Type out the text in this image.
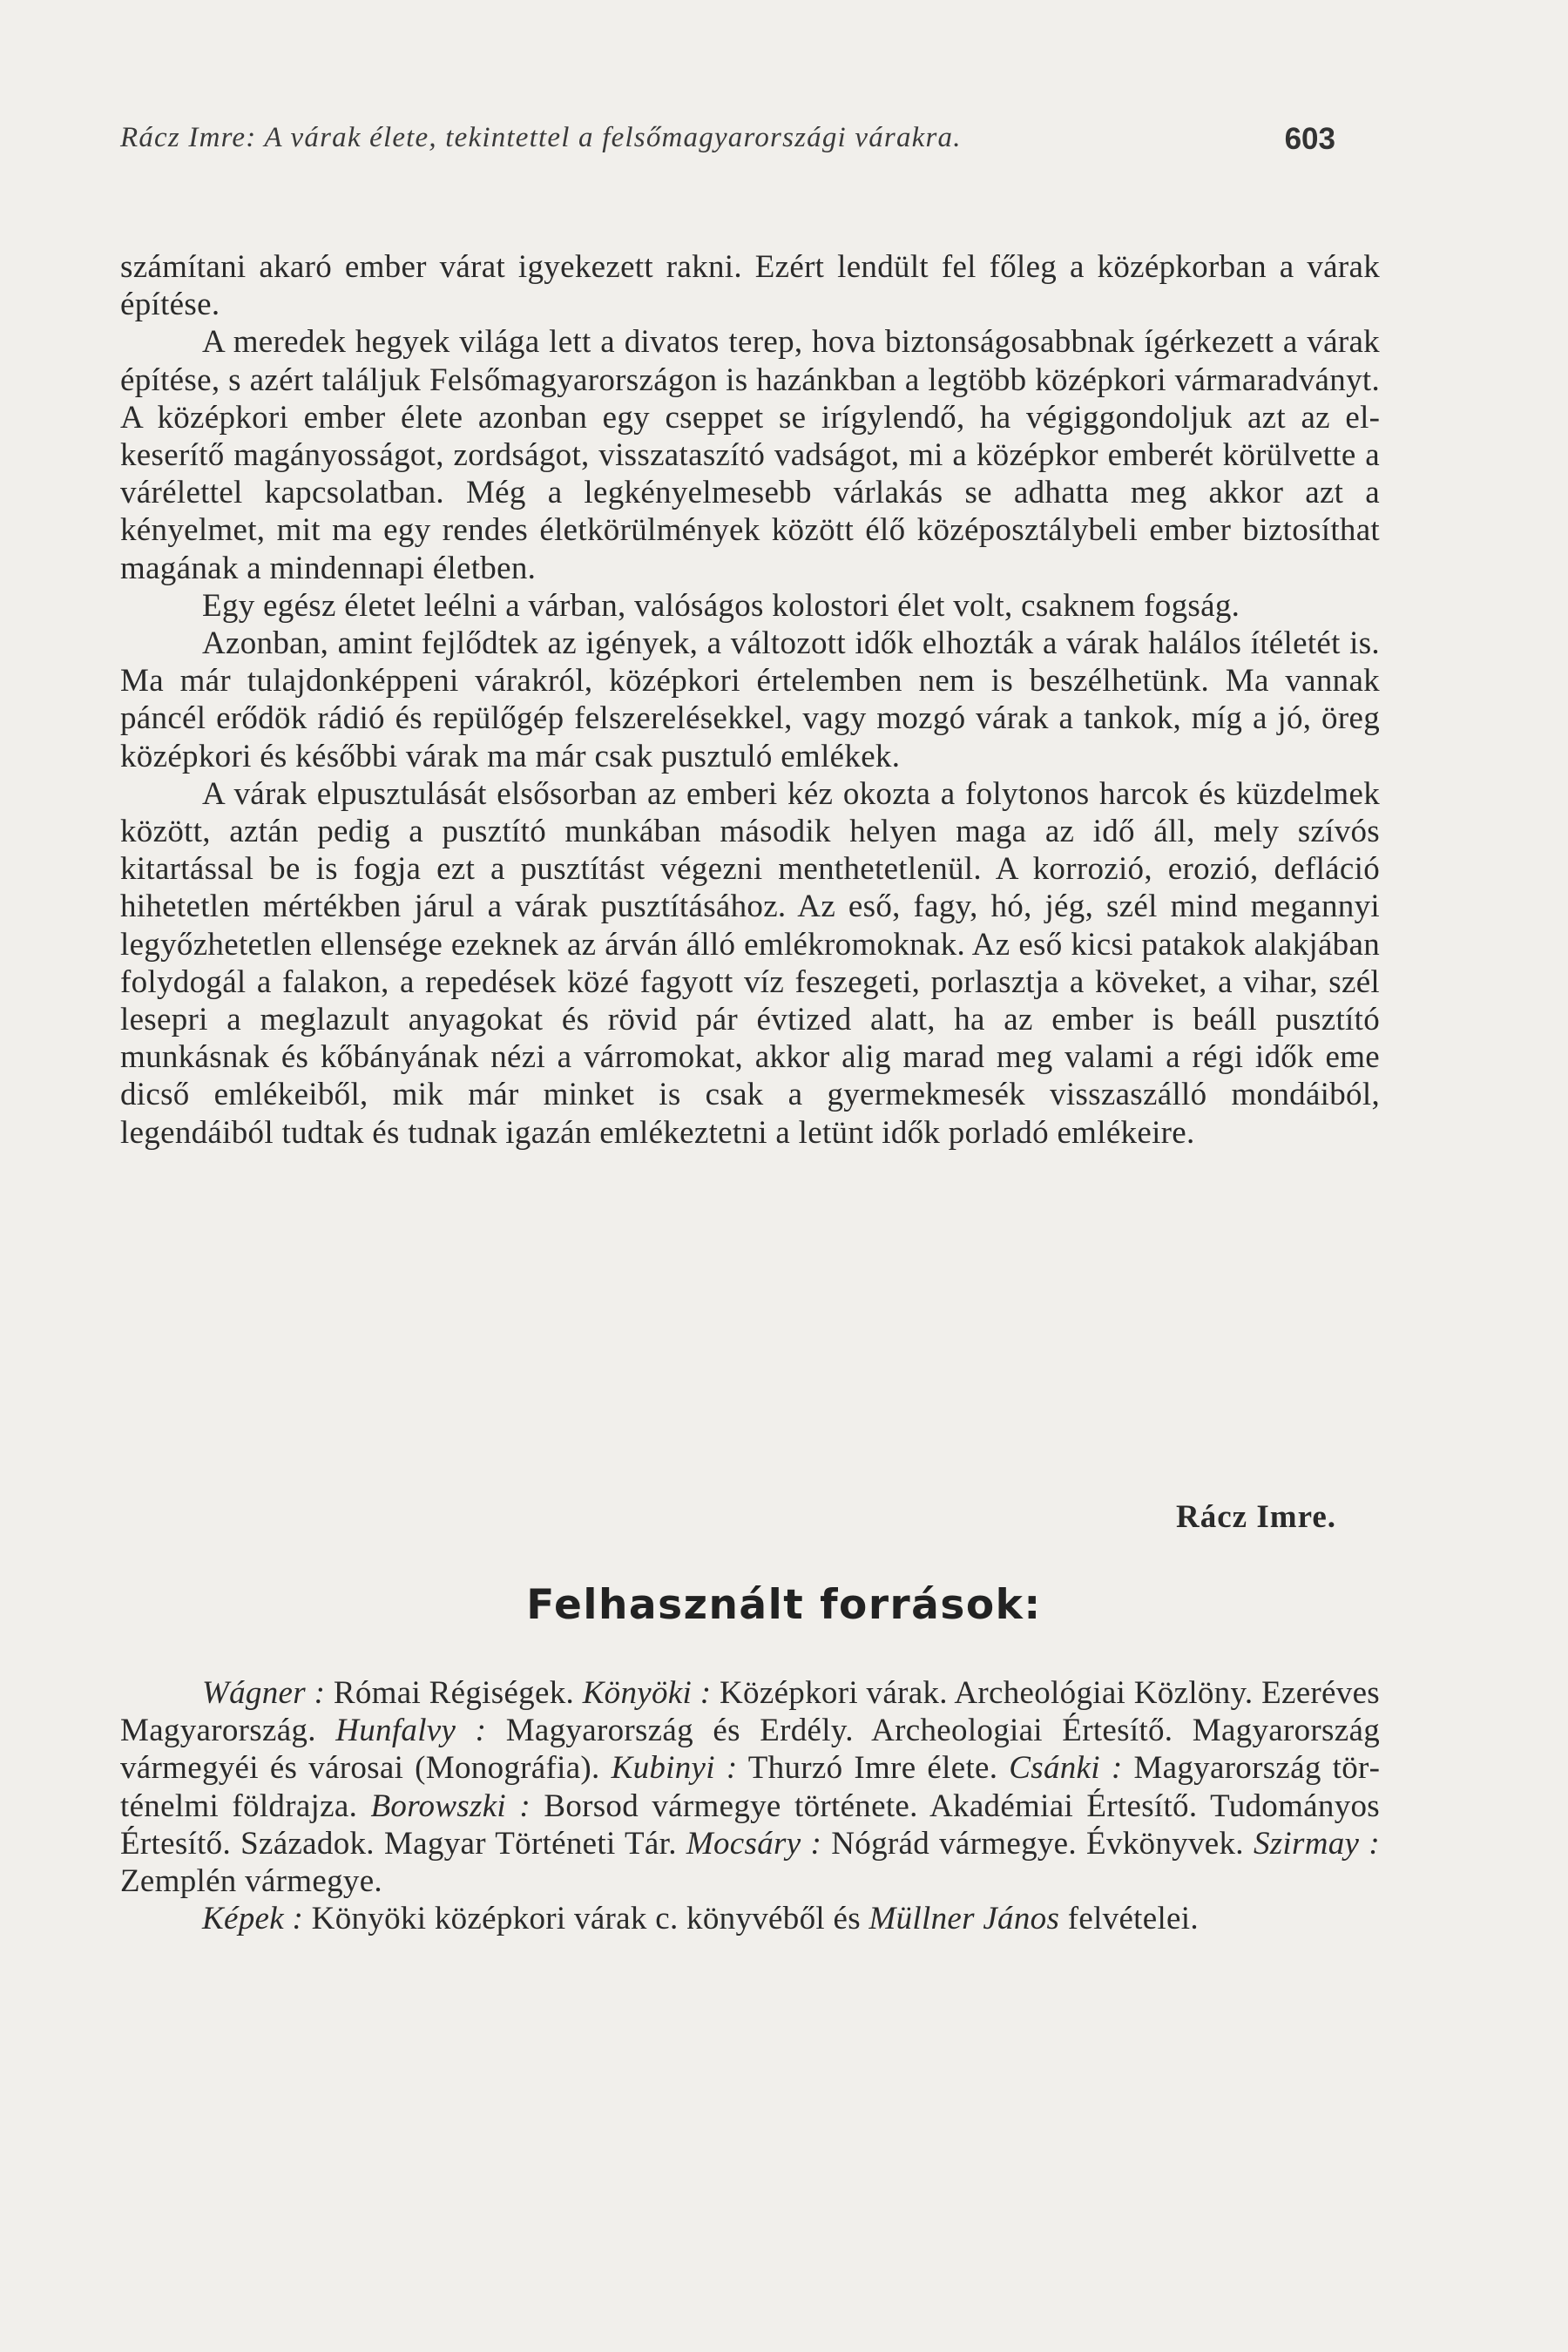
Rácz Imre: A várak élete, tekintettel a felsőmagyarországi várakra.	603

számítani akaró ember várat igyekezett rakni. Ezért lendült fel főleg a középkorban a várak építése.

A meredek hegyek világa lett a divatos terep, hova biztonságosabbnak ígérkezett a várak építése, s azért találjuk Felsőmagyarországon is hazánkban a legtöbb középkori vármaradványt. A középkori ember élete azonban egy cseppet se irígylendő, ha végiggondoljuk azt az elkeserítő magányosságot, zordságot, visszataszító vadságot, mi a középkor emberét körülvette a várélettel kapcsolatban. Még a legkényelmesebb várlakás se adhatta meg akkor azt a kényelmet, mit ma egy rendes életkörülmények között élő középosztálybeli ember biztosíthat magának a mindennapi életben.

Egy egész életet leélni a várban, valóságos kolostori élet volt, csaknem fogság.

Azonban, amint fejlődtek az igények, a változott idők elhozták a várak halálos ítéletét is. Ma már tulajdonképpeni várakról, középkori értelemben nem is beszélhetünk. Ma vannak páncél erődök rádió és repülőgép felszerelésekkel, vagy mozgó várak a tankok, míg a jó, öreg középkori és későbbi várak ma már csak pusztuló emlékek.

A várak elpusztulását elsősorban az emberi kéz okozta a folytonos harcok és küzdelmek között, aztán pedig a pusztító munkában második helyen maga az idő áll, mely szívós kitartással be is fogja ezt a pusztítást végezni menthetetlenül. A korrozió, erozió, defláció hihetetlen mértékben járul a várak pusztításához. Az eső, fagy, hó, jég, szél mind megannyi legyőzhetetlen ellensége ezeknek az árván álló emlékromoknak. Az eső kicsi patakok alakjában folydogál a falakon, a repedések közé fagyott víz feszegeti, porlasztja a köveket, a vihar, szél lesepri a meglazult anyagokat és rövid pár évtized alatt, ha az ember is beáll pusztító munkásnak és kőbányának nézi a várromokat, akkor alig marad meg valami a régi idők eme dicső emlékeiből, mik már minket is csak a gyermekmesék visszaszálló mondáiból, legendáiból tudtak és tudnak igazán emlékeztetni a letünt idők porladó emlékeire.

Rácz Imre.
Felhasznált források:

Wágner : Római Régiségek. Könyöki : Középkori várak. Archeológiai Közlöny. Ezeréves Magyarország. Hunfalvy : Magyarország és Erdély. Archeologiai Értesítő. Magyarország vármegyéi és városai (Monográfia). Kubinyi : Thurzó Imre élete. Csánki : Magyarország történelmi földrajza. Borowszki : Borsod vármegye története. Akadémiai Értesítő. Tudományos Értesítő. Századok. Magyar Történeti Tár. Mocsáry : Nógrád vármegye. Évkönyvek. Szirmay : Zemplén vármegye.

Képek : Könyöki középkori várak c. könyvéből és Müllner János felvételei.
